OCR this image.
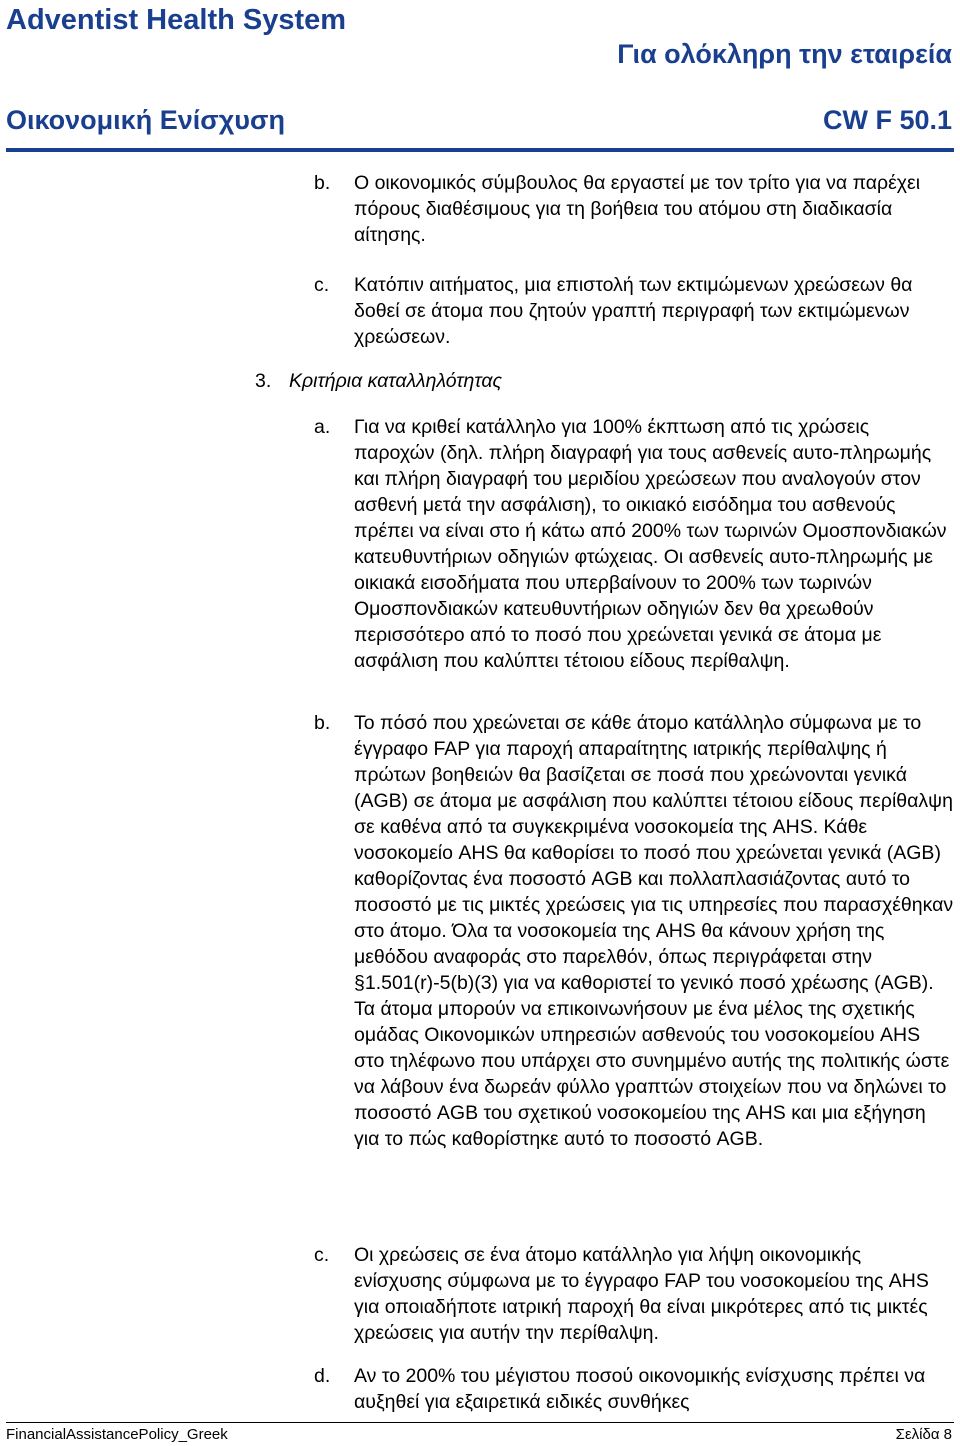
Adventist Health System
Για ολόκληρη την εταιρεία
Οικονομική Ενίσχυση	CW F 50.1
b. Ο οικονομικός σύμβουλος θα εργαστεί με τον τρίτο για να παρέχει πόρους διαθέσιμους για τη βοήθεια του ατόμου στη διαδικασία αίτησης.
c. Κατόπιν αιτήματος, μια επιστολή των εκτιμώμενων χρεώσεων θα δοθεί σε άτομα που ζητούν γραπτή περιγραφή των εκτιμώμενων χρεώσεων.
3. Κριτήρια καταλληλότητας
a. Για να κριθεί κατάλληλο για 100% έκπτωση από τις χρώσεις παροχών (δηλ. πλήρη διαγραφή για τους ασθενείς αυτο-πληρωμής και πλήρη διαγραφή του μεριδίου χρεώσεων που αναλογούν στον ασθενή μετά την ασφάλιση), το οικιακό εισόδημα του ασθενούς πρέπει να είναι στο ή κάτω από 200% των τωρινών Ομοσπονδιακών κατευθυντήριων οδηγιών φτώχειας. Οι ασθενείς αυτο-πληρωμής με οικιακά εισοδήματα που υπερβαίνουν το 200% των τωρινών Ομοσπονδιακών κατευθυντήριων οδηγιών δεν θα χρεωθούν περισσότερο από το ποσό που χρεώνεται γενικά σε άτομα με ασφάλιση που καλύπτει τέτοιου είδους περίθαλψη.
b. Το πόσό που χρεώνεται σε κάθε άτομο κατάλληλο σύμφωνα με το έγγραφο FAP για παροχή απαραίτητης ιατρικής περίθαλψης ή πρώτων βοηθειών θα βασίζεται σε ποσά που χρεώνονται γενικά (AGB) σε άτομα με ασφάλιση που καλύπτει τέτοιου είδους περίθαλψη σε καθένα από τα συγκεκριμένα νοσοκομεία της AHS. Κάθε νοσοκομείο AHS θα καθορίσει το ποσό που χρεώνεται γενικά (AGB) καθορίζοντας ένα ποσοστό AGB και πολλαπλασιάζοντας αυτό το ποσοστό με τις μικτές χρεώσεις για τις υπηρεσίες που παρασχέθηκαν στο άτομο. Όλα τα νοσοκομεία της AHS θα κάνουν χρήση της μεθόδου αναφοράς στο παρελθόν, όπως περιγράφεται στην §1.501(r)-5(b)(3) για να καθοριστεί το γενικό ποσό χρέωσης (AGB). Τα άτομα μπορούν να επικοινωνήσουν με ένα μέλος της σχετικής ομάδας Οικονομικών υπηρεσιών ασθενούς του νοσοκομείου AHS στο τηλέφωνο που υπάρχει στο συνημμένο αυτής της πολιτικής ώστε να λάβουν ένα δωρεάν φύλλο γραπτών στοιχείων που να δηλώνει το ποσοστό AGB του σχετικού νοσοκομείου της AHS και μια εξήγηση για το πώς καθορίστηκε αυτό το ποσοστό AGB.
c. Οι χρεώσεις σε ένα άτομο κατάλληλο για λήψη οικονομικής ενίσχυσης σύμφωνα με το έγγραφο FAP του νοσοκομείου της AHS για οποιαδήποτε ιατρική παροχή θα είναι μικρότερες από τις μικτές χρεώσεις για αυτήν την περίθαλψη.
d. Αν το 200% του μέγιστου ποσού οικονομικής ενίσχυσης πρέπει να αυξηθεί για εξαιρετικά ειδικές συνθήκες
FinancialAssistancePolicy_Greek	Σελίδα 8
